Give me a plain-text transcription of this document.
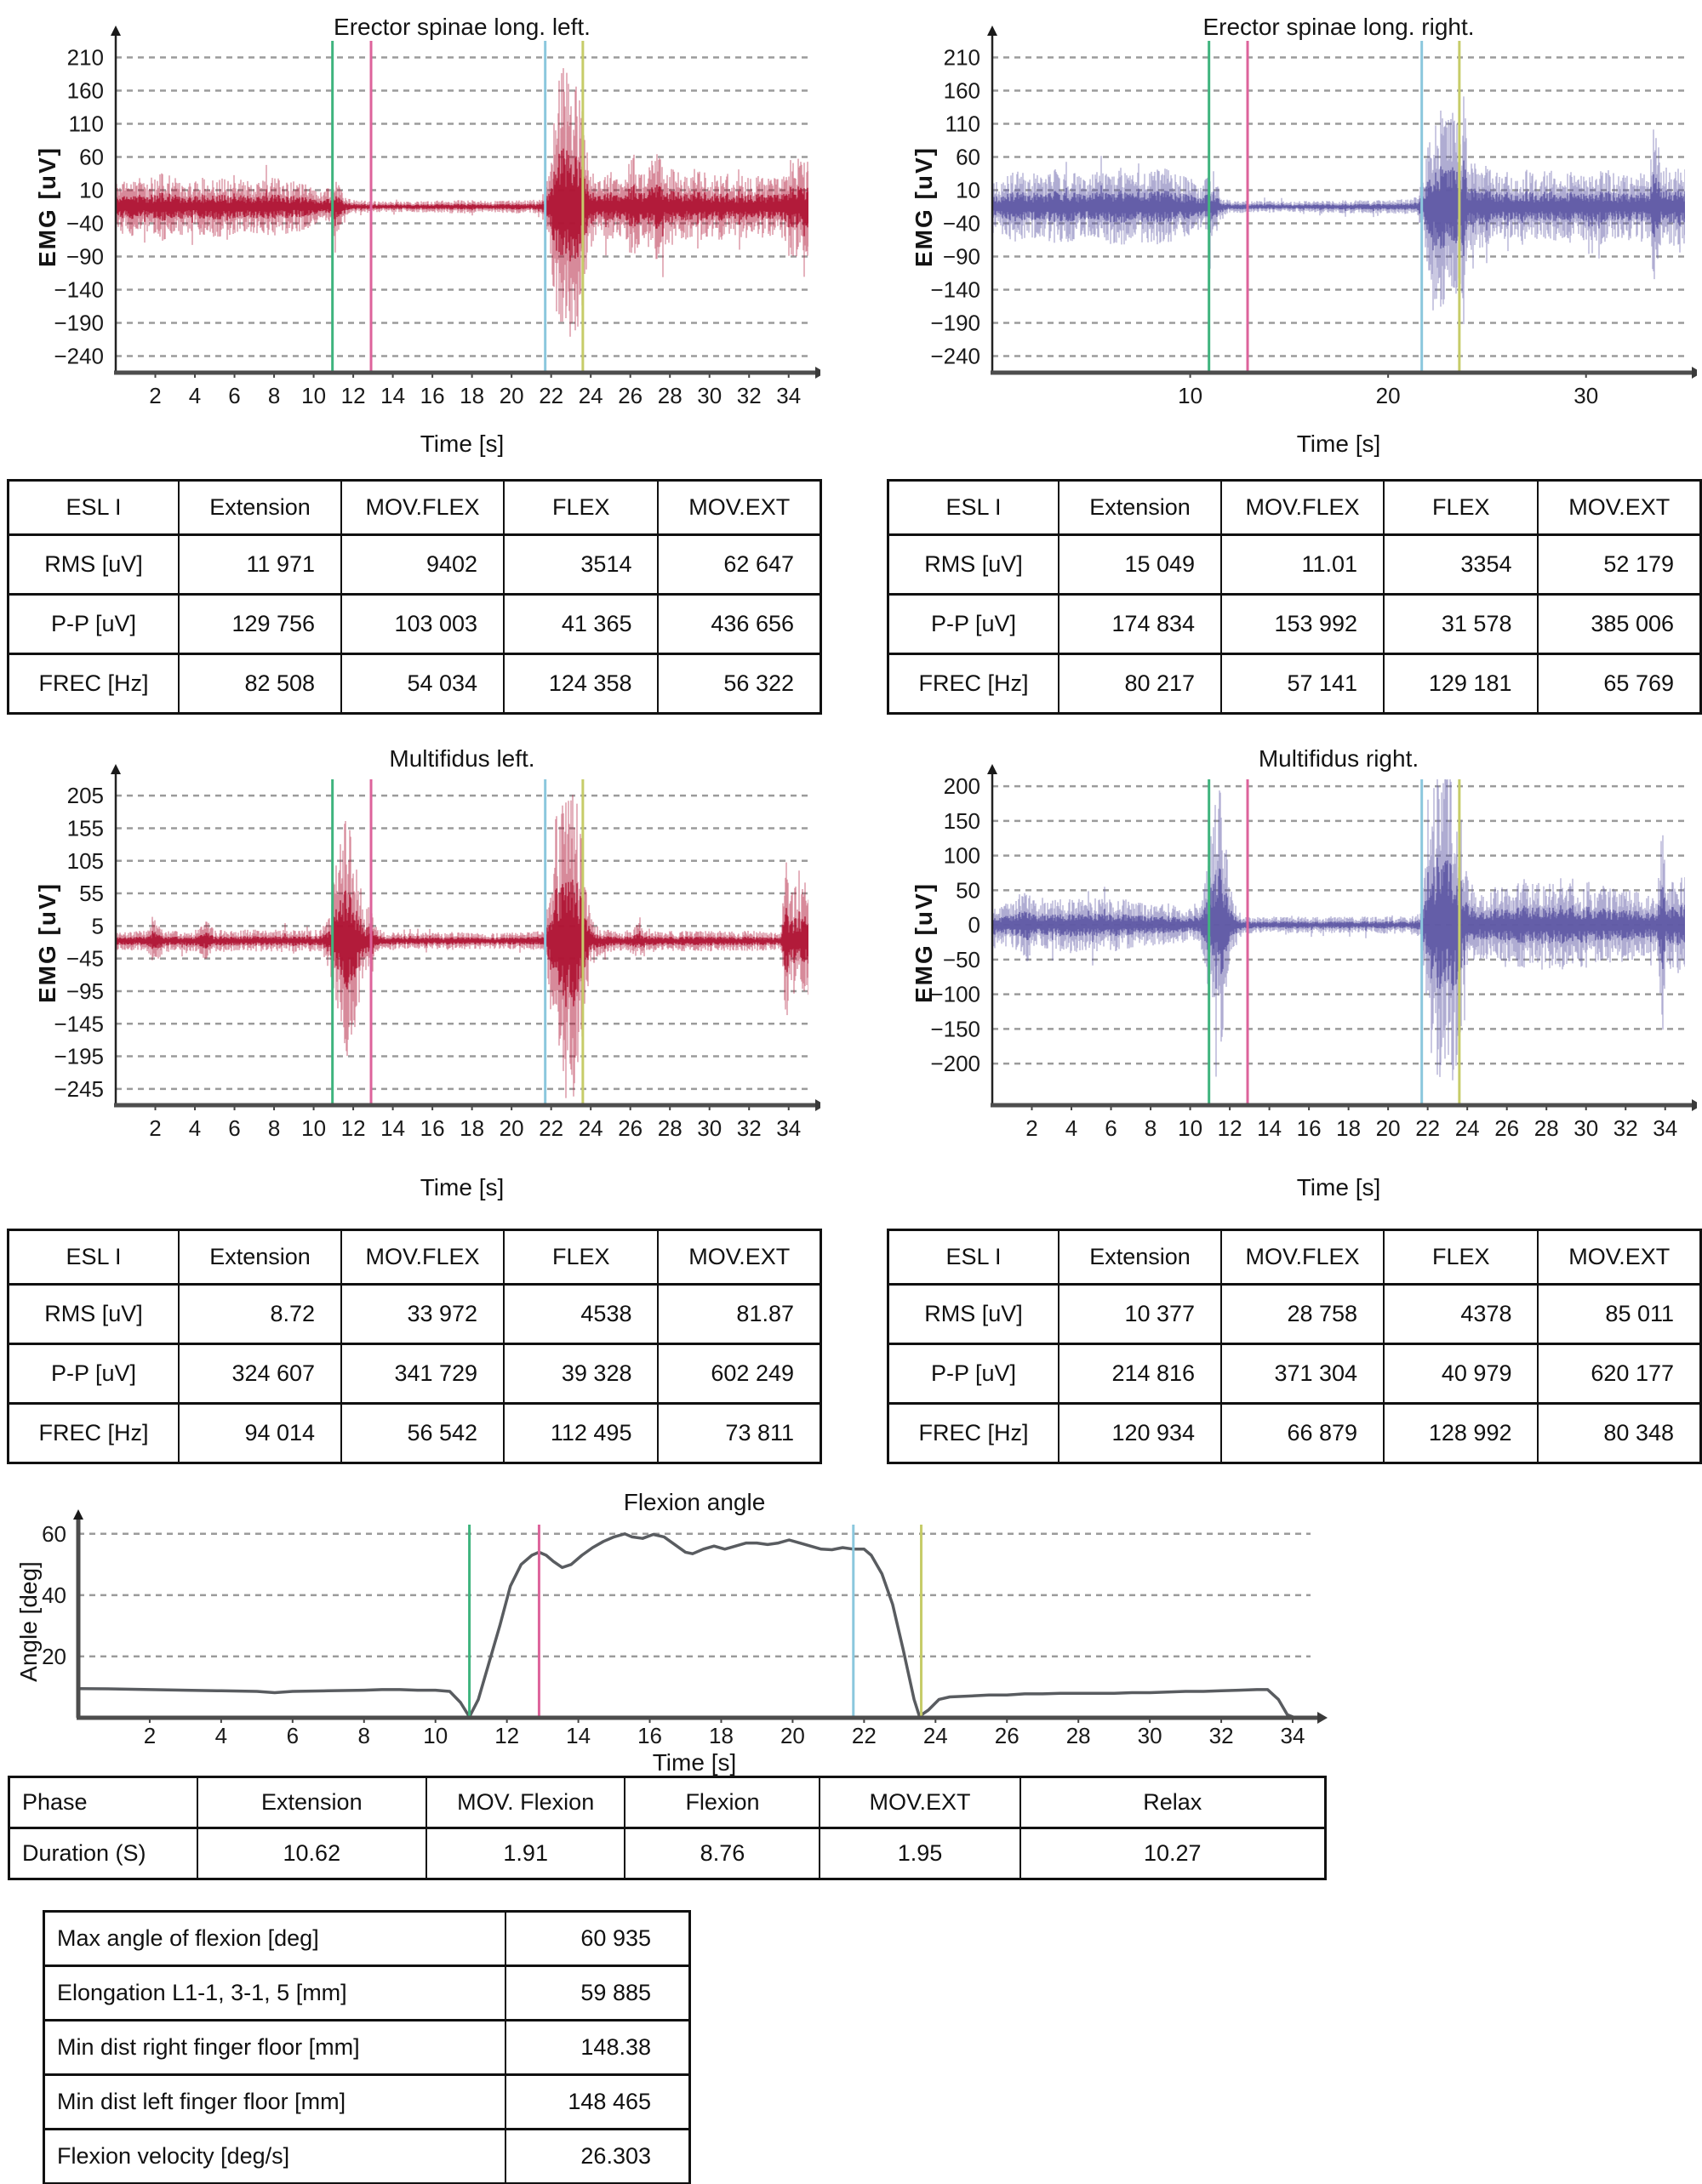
Erector spinae long. left.
EMG [uV]
210
160
110
60
10
−40
−90
−140
−190
−240
2 4 6 8 10 12 14 16 18 20 22 24 26 28 30 32 34
Time [s]
Erector spinae long. right.
EMG [uV]
210
160
110
60
10
−40
−90
−140
−190
−240
10	20	30
Time [s]
ESL I	Extension	MOV.FLEX	FLEX	MOV.EXT
RMS [uV]	11 971	9402	3514	62 647
P-P [uV]	129 756	103 003	41 365	436 656
FREC [Hz]	82 508	54 034	124 358	56 322
ESL I	Extension	MOV.FLEX	FLEX	MOV.EXT
RMS [uV]	15 049	11.01	3354	52 179
P-P [uV]	174 834	153 992	31 578	385 006
FREC [Hz]	80 217	57 141	129 181	65 769
Multifidus left.
EMG [uV]
205
155
105
55
5
−45
−95
−145
−195
−245
2 4 6 8 10 12 14 16 18 20 22 24 26 28 30 32 34
Time [s]
Multifidus right.
EMG [uV]
200
150
100
50
0
−50
−100
−150
−200
2 4 6 8 10 12 14 16 18 20 22 24 26 28 30 32 34
Time [s]
ESL I	Extension	MOV.FLEX	FLEX	MOV.EXT
RMS [uV]	8.72	33 972	4538	81.87
P-P [uV]	324 607	341 729	39 328	602 249
FREC [Hz]	94 014	56 542	112 495	73 811
ESL I	Extension	MOV.FLEX	FLEX	MOV.EXT
RMS [uV]	10 377	28 758	4378	85 011
P-P [uV]	214 816	371 304	40 979	620 177
FREC [Hz]	120 934	66 879	128 992	80 348
Flexion angle
Angle [deg] 20
40
60
2	4	6	8 10 12 14 16 18 20 22 24 26 28 30 32 34
Time [s]
Phase	Extension	MOV. Flexion	Flexion	MOV.EXT	Relax
Duration (S)	10.62	1.91	8.76	1.95	10.27
Max angle of flexion [deg]	60 935
Elongation L1-1, 3-1, 5 [mm]	59 885
Min dist right finger floor [mm]	148.38
Min dist left finger floor [mm]	148 465
Flexion velocity [deg/s]	26.303
